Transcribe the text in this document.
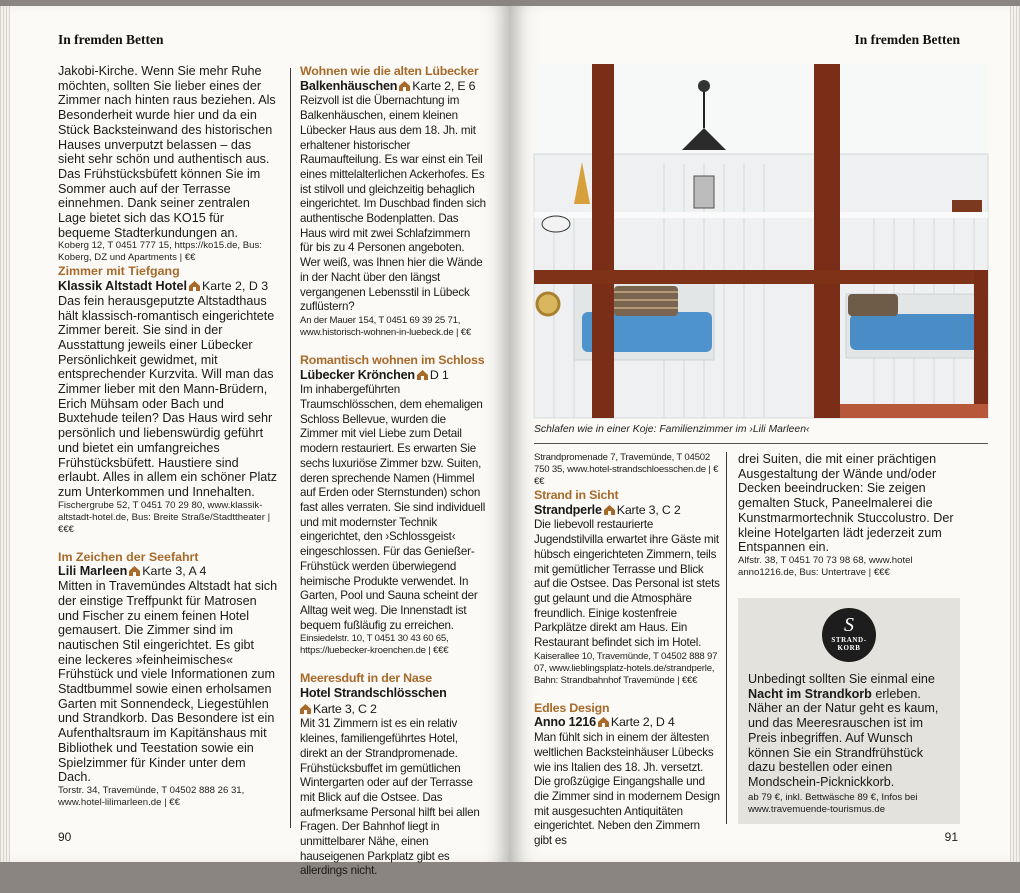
In fremden Betten

Jakobi-Kirche. Wenn Sie mehr Ruhe möchten, sollten Sie lieber eines der Zimmer nach hinten raus beziehen. Als Besonderheit wurde hier und da ein Stück Backsteinwand des historischen Hauses unverputzt belassen – das sieht sehr schön und authentisch aus. Das Frühstücksbüfett können Sie im Sommer auch auf der Terrasse einnehmen. Dank seiner zentralen Lage bietet sich das KO15 für bequeme Stadterkundungen an.

Koberg 12, T 0451 777 15, https://ko15.de, Bus: Koberg, DZ und Apartments | €€

Zimmer mit Tiefgang
Klassik Altstadt Hotel Karte 2, D 3

Das fein herausgeputzte Altstadthaus hält klassisch-romantisch eingerichtete Zimmer bereit. Sie sind in der Ausstattung jeweils einer Lübecker Persönlichkeit gewidmet, mit entsprechender Kurzvita. Will man das Zimmer lieber mit den Mann-Brüdern, Erich Mühsam oder Bach und Buxtehude teilen? Das Haus wird sehr persönlich und liebenswürdig geführt und bietet ein umfangreiches Frühstücksbüfett. Haustiere sind erlaubt. Alles in allem ein schöner Platz zum Unterkommen und Innehalten.

Fischergrube 52, T 0451 70 29 80, www.klassik-altstadt-hotel.de, Bus: Breite Straße/Stadttheater | €€€

Im Zeichen der Seefahrt
Lili Marleen Karte 3, A 4

Mitten in Travemündes Altstadt hat sich der einstige Treffpunkt für Matrosen und Fischer zu einem feinen Hotel gemausert. Die Zimmer sind im nautischen Stil eingerichtet. Es gibt eine leckeres »feinheimisches« Frühstück und viele Informationen zum Stadtbummel sowie einen erholsamen Garten mit Sonnendeck, Liegestühlen und Strandkorb. Das Besondere ist ein Aufenthaltsraum im Kapitänshaus mit Bibliothek und Teestation sowie ein Spielzimmer für Kinder unter dem Dach.

Torstr. 34, Travemünde, T 04502 888 26 31, www.hotel-lilimarleen.de | €€

Wohnen wie die alten Lübecker
Balkenhäuschen Karte 2, E 6

Reizvoll ist die Übernachtung im Balkenhäuschen, einem kleinen Lübecker Haus aus dem 18. Jh. mit erhaltener historischer Raumaufteilung. Es war einst ein Teil eines mittelalterlichen Ackerhofes. Es ist stilvoll und gleichzeitig behaglich eingerichtet. Im Duschbad finden sich authentische Bodenplatten. Das Haus wird mit zwei Schlafzimmern für bis zu 4 Personen angeboten. Wer weiß, was Ihnen hier die Wände in der Nacht über den längst vergangenen Lebensstil in Lübeck zuflüstern?

An der Mauer 154, T 0451 69 39 25 71, www.historisch-wohnen-in-luebeck.de | €€

Romantisch wohnen im Schloss
Lübecker Krönchen D 1

Im inhabergeführten Traumschlösschen, dem ehemaligen Schloss Bellevue, wurden die Zimmer mit viel Liebe zum Detail modern restauriert. Es erwarten Sie sechs luxuriöse Zimmer bzw. Suiten, deren sprechende Namen (Himmel auf Erden oder Sternstunden) schon fast alles verraten. Sie sind individuell und mit modernster Technik eingerichtet, den ›Schlossgeist‹ eingeschlossen. Für das Genießer-Frühstück werden überwiegend heimische Produkte verwendet. In Garten, Pool und Sauna scheint der Alltag weit weg. Die Innenstadt ist bequem fußläufig zu erreichen.

Einsiedelstr. 10, T 0451 30 43 60 65, https://luebecker-kroenchen.de | €€€

Meeresduft in der Nase
Hotel Strandschlösschen
Karte 3, C 2

Mit 31 Zimmern ist es ein relativ kleines, familiengeführtes Hotel, direkt an der Strandpromenade. Frühstücksbuffet im gemütlichen Wintergarten oder auf der Terrasse mit Blick auf die Ostsee. Das aufmerksame Personal hilft bei allen Fragen. Der Bahnhof liegt in unmittelbarer Nähe, einen hauseigenen Parkplatz gibt es allerdings nicht.

90
In fremden Betten
Schlafen wie in einer Koje: Familienzimmer im ›Lili Marleen‹

Strandpromenade 7, Travemünde, T 04502 750 35, www.hotel-strandschloesschen.de | €€€

Strand in Sicht
Strandperle Karte 3, C 2

Die liebevoll restaurierte Jugendstilvilla erwartet ihre Gäste mit hübsch eingerichteten Zimmern, teils mit gemütlicher Terrasse und Blick auf die Ostsee. Das Personal ist stets gut gelaunt und die Atmosphäre freundlich. Einige kostenfreie Parkplätze direkt am Haus. Ein Restaurant befindet sich im Hotel.

Kaiserallee 10, Travemünde, T 04502 888 97 07, www.lieblingsplatz-hotels.de/strandperle, Bahn: Strandbahnhof Travemünde | €€€

Edles Design
Anno 1216 Karte 2, D 4

Man fühlt sich in einem der ältesten weltlichen Backsteinhäuser Lübecks wie ins Italien des 18. Jh. versetzt. Die großzügige Eingangshalle und die Zimmer sind in modernem Design mit ausgesuchten Antiquitäten eingerichtet. Neben den Zimmern gibt es

drei Suiten, die mit einer prächtigen Ausgestaltung der Wände und/oder Decken beeindrucken: Sie zeigen gemalten Stuck, Paneelmalerei die Kunstmarmortechnik Stuccolustro. Der kleine Hotelgarten lädt jederzeit zum Entspannen ein.

Alfstr. 38, T 0451 70 73 98 68, www.hotel anno1216.de, Bus: Untertrave | €€€

S
STRAND-
KORB

Unbedingt sollten Sie einmal eine Nacht im Strandkorb erleben. Näher an der Natur geht es kaum, und das Meeresrauschen ist im Preis inbegriffen. Auf Wunsch können Sie ein Strandfrühstück dazu bestellen oder einen Mondschein-Picknickkorb.

ab 79 €, inkl. Bettwäsche 89 €, Infos bei www.travemuende-tourismus.de

91
